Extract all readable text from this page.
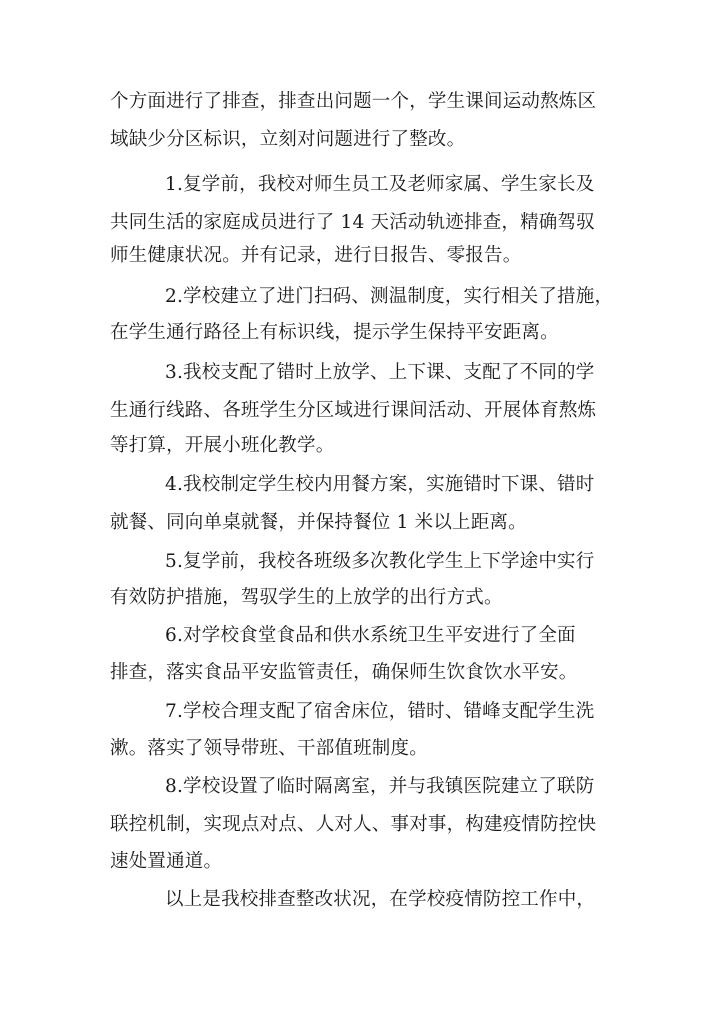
个方面进行了排查，排查出问题一个，学生课间运动熬炼区
域缺少分区标识，立刻对问题进行了整改。
1.复学前，我校对师生员工及老师家属、学生家长及
共同生活的家庭成员进行了 14 天活动轨迹排查，精确驾驭
师生健康状况。并有记录，进行日报告、零报告。
2.学校建立了进门扫码、测温制度，实行相关了措施，
在学生通行路径上有标识线，提示学生保持平安距离。
3.我校支配了错时上放学、上下课、支配了不同的学
生通行线路、各班学生分区域进行课间活动、开展体育熬炼
等打算，开展小班化教学。
4.我校制定学生校内用餐方案，实施错时下课、错时
就餐、同向单桌就餐，并保持餐位 1 米以上距离。
5.复学前，我校各班级多次教化学生上下学途中实行
有效防护措施，驾驭学生的上放学的出行方式。
6.对学校食堂食品和供水系统卫生平安进行了全面
排查，落实食品平安监管责任，确保师生饮食饮水平安。
7.学校合理支配了宿舍床位，错时、错峰支配学生洗
漱。落实了领导带班、干部值班制度。
8.学校设置了临时隔离室，并与我镇医院建立了联防
联控机制，实现点对点、人对人、事对事，构建疫情防控快
速处置通道。
以上是我校排查整改状况，在学校疫情防控工作中，
